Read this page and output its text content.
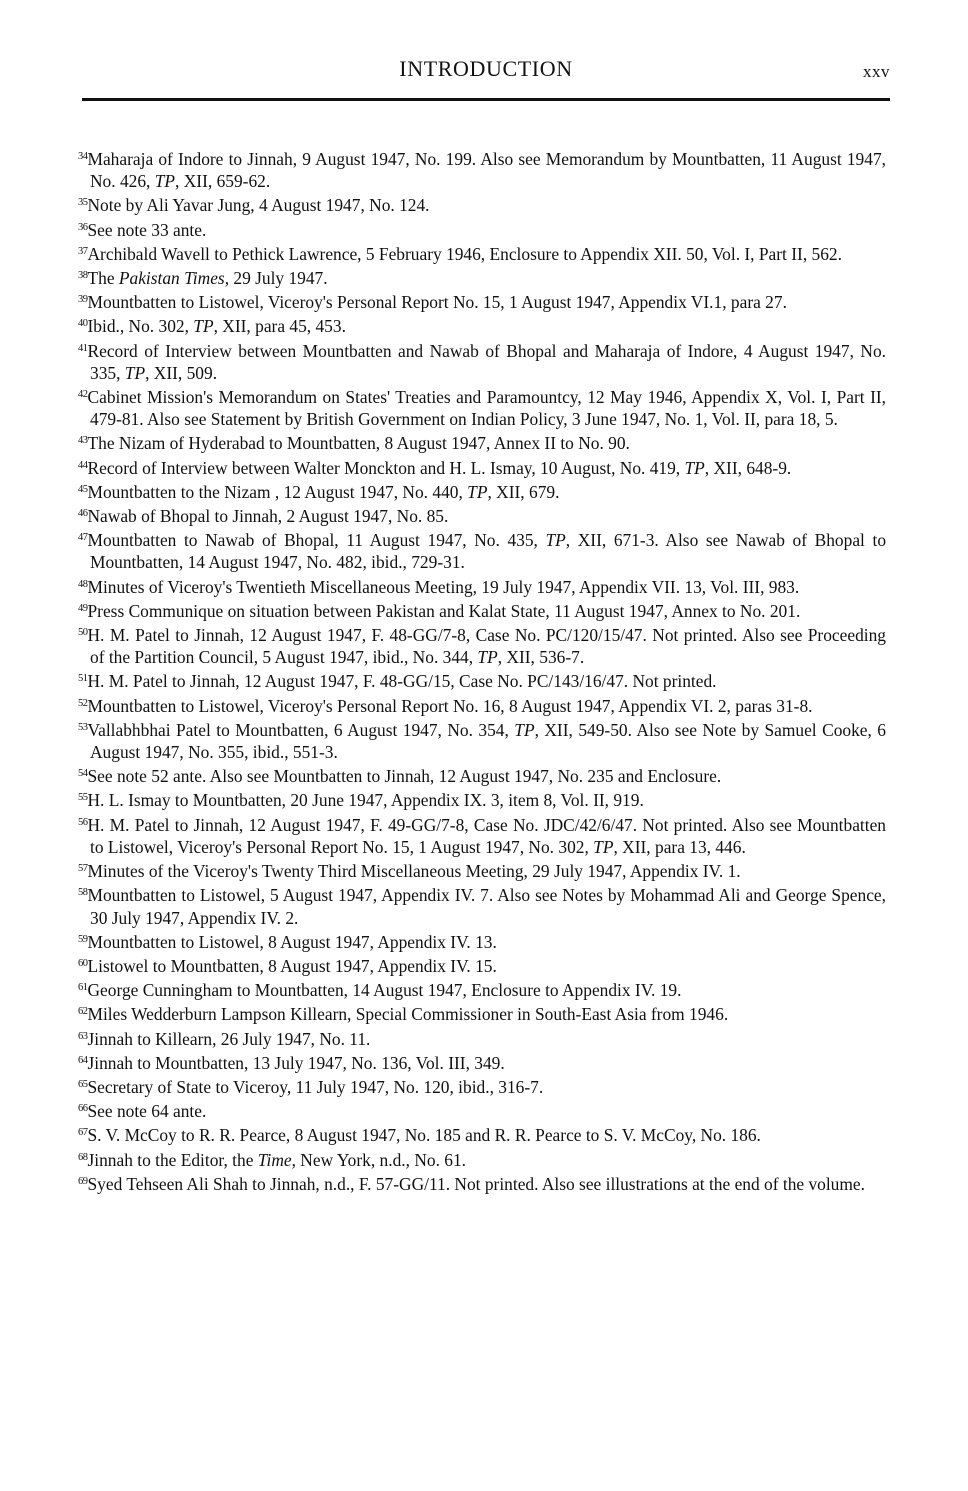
INTRODUCTION	xxv

$^{34}$Maharaja of Indore to Jinnah, 9 August 1947, No. 199. Also see Memorandum by Mountbatten, 11 August 1947, No. 426, TP, XII, 659-62.

$^{35}$Note by Ali Yavar Jung, 4 August 1947, No. 124.

$^{36}$See note 33 ante.

$^{37}$Archibald Wavell to Pethick Lawrence, 5 February 1946, Enclosure to Appendix XII. 50, Vol. I, Part II, 562.

$^{38}$The Pakistan Times, 29 July 1947.

$^{39}$Mountbatten to Listowel, Viceroy's Personal Report No. 15, 1 August 1947, Appendix VI.1, para 27.

$^{40}$Ibid., No. 302, TP, XII, para 45, 453.

$^{41}$Record of Interview between Mountbatten and Nawab of Bhopal and Maharaja of Indore, 4 August 1947, No. 335, TP, XII, 509.

$^{42}$Cabinet Mission's Memorandum on States' Treaties and Paramountcy, 12 May 1946, Appendix X, Vol. I, Part II, 479-81. Also see Statement by British Government on Indian Policy, 3 June 1947, No. 1, Vol. II, para 18, 5.

$^{43}$The Nizam of Hyderabad to Mountbatten, 8 August 1947, Annex II to No. 90.

$^{44}$Record of Interview between Walter Monckton and H. L. Ismay, 10 August, No. 419, TP, XII, 648-9.

$^{45}$Mountbatten to the Nizam , 12 August 1947, No. 440, TP, XII, 679.

$^{46}$Nawab of Bhopal to Jinnah, 2 August 1947, No. 85.

$^{47}$Mountbatten to Nawab of Bhopal, 11 August 1947, No. 435, TP, XII, 671-3. Also see Nawab of Bhopal to Mountbatten, 14 August 1947, No. 482, ibid., 729-31.

$^{48}$Minutes of Viceroy's Twentieth Miscellaneous Meeting, 19 July 1947, Appendix VII. 13, Vol. III, 983.

$^{49}$Press Communique on situation between Pakistan and Kalat State, 11 August 1947, Annex to No. 201.

$^{50}$H. M. Patel to Jinnah, 12 August 1947, F. 48-GG/7-8, Case No. PC/120/15/47. Not printed. Also see Proceeding of the Partition Council, 5 August 1947, ibid., No. 344, TP, XII, 536-7.

$^{51}$H. M. Patel to Jinnah, 12 August 1947, F. 48-GG/15, Case No. PC/143/16/47. Not printed.

$^{52}$Mountbatten to Listowel, Viceroy's Personal Report No. 16, 8 August 1947, Appendix VI. 2, paras 31-8.

$^{53}$Vallabhbhai Patel to Mountbatten, 6 August 1947, No. 354, TP, XII, 549-50. Also see Note by Samuel Cooke, 6 August 1947, No. 355, ibid., 551-3.

$^{54}$See note 52 ante. Also see Mountbatten to Jinnah, 12 August 1947, No. 235 and Enclosure.

$^{55}$H. L. Ismay to Mountbatten, 20 June 1947, Appendix IX. 3, item 8, Vol. II, 919.

$^{56}$H. M. Patel to Jinnah, 12 August 1947, F. 49-GG/7-8, Case No. JDC/42/6/47. Not printed. Also see Mountbatten to Listowel, Viceroy's Personal Report No. 15, 1 August 1947, No. 302, TP, XII, para 13, 446.

$^{57}$Minutes of the Viceroy's Twenty Third Miscellaneous Meeting, 29 July 1947, Appendix IV. 1.

$^{58}$Mountbatten to Listowel, 5 August 1947, Appendix IV. 7. Also see Notes by Mohammad Ali and George Spence, 30 July 1947, Appendix IV. 2.

$^{59}$Mountbatten to Listowel, 8 August 1947, Appendix IV. 13.

$^{60}$Listowel to Mountbatten, 8 August 1947, Appendix IV. 15.

$^{61}$George Cunningham to Mountbatten, 14 August 1947, Enclosure to Appendix IV. 19.

$^{62}$Miles Wedderburn Lampson Killearn, Special Commissioner in South-East Asia from 1946.

$^{63}$Jinnah to Killearn, 26 July 1947, No. 11.

$^{64}$Jinnah to Mountbatten, 13 July 1947, No. 136, Vol. III, 349.

$^{65}$Secretary of State to Viceroy, 11 July 1947, No. 120, ibid., 316-7.

$^{66}$See note 64 ante.

$^{67}$S. V. McCoy to R. R. Pearce, 8 August 1947, No. 185 and R. R. Pearce to S. V. McCoy, No. 186.

$^{68}$Jinnah to the Editor, the Time, New York, n.d., No. 61.

$^{69}$Syed Tehseen Ali Shah to Jinnah, n.d., F. 57-GG/11. Not printed. Also see illustrations at the end of the volume.
